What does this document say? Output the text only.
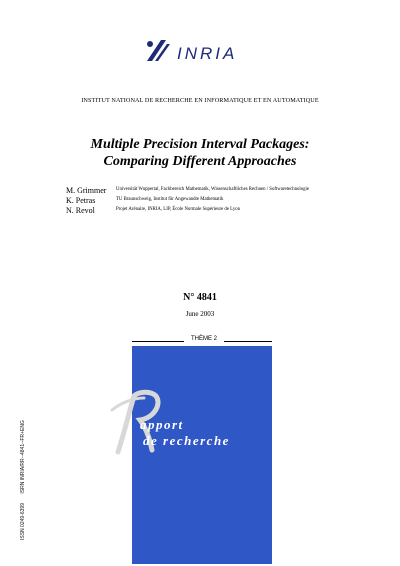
INRIA
INSTITUT NATIONAL DE RECHERCHE EN INFORMATIQUE ET EN AUTOMATIQUE
Multiple Precision Interval Packages:
Comparing Different Approaches
M. Grimmer Universität Wuppertal, Fachbereich Mathematik, Wissenschaftliches Rechnen / Softwaretechnologie
K. Petras	TU Braunschweig, Institut für Angewandte Mathematik
N. Revol	Projet Arénaire, INRIA, LIP, École Normale Supérieure de Lyon
N° 4841
June 2003
THÈME 2
apport
de recherche
ISSN 0249-6399 ISRN INRIA/RR--4841--FR+ENG
